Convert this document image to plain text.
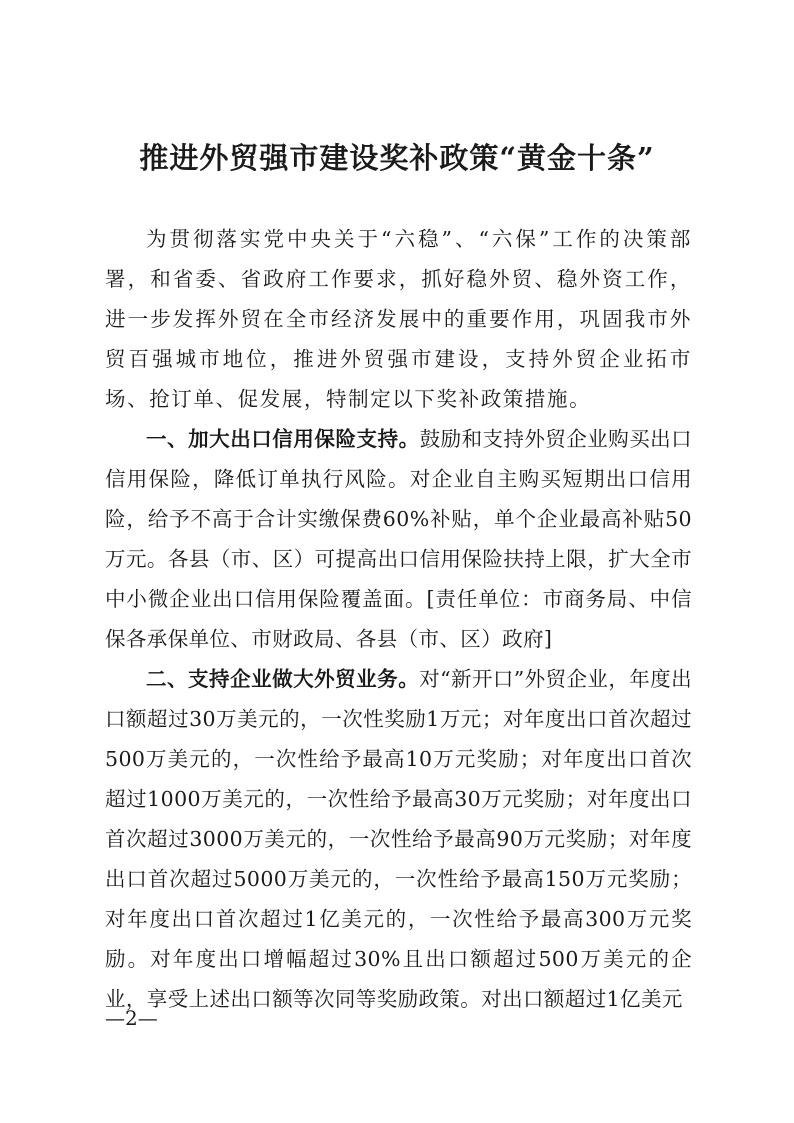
推进外贸强市建设奖补政策“黄金十条”

为贯彻落实党中央关于“六稳”、“六保”工作的决策部署，和省委、省政府工作要求，抓好稳外贸、稳外资工作，进一步发挥外贸在全市经济发展中的重要作用，巩固我市外贸百强城市地位，推进外贸强市建设，支持外贸企业拓市场、抢订单、促发展，特制定以下奖补政策措施。

一、加大出口信用保险支持。鼓励和支持外贸企业购买出口信用保险，降低订单执行风险。对企业自主购买短期出口信用险，给予不高于合计实缴保费60%补贴，单个企业最高补贴50万元。各县（市、区）可提高出口信用保险扶持上限，扩大全市中小微企业出口信用保险覆盖面。[责任单位：市商务局、中信保各承保单位、市财政局、各县（市、区）政府]

二、支持企业做大外贸业务。对“新开口”外贸企业，年度出口额超过30万美元的，一次性奖励1万元；对年度出口首次超过500万美元的，一次性给予最高10万元奖励；对年度出口首次超过1000万美元的，一次性给予最高30万元奖励；对年度出口首次超过3000万美元的，一次性给予最高90万元奖励；对年度出口首次超过5000万美元的，一次性给予最高150万元奖励；对年度出口首次超过1亿美元的，一次性给予最高300万元奖励。对年度出口增幅超过30%且出口额超过500万美元的企业，享受上述出口额等次同等奖励政策。对出口额超过1亿美元

—2—
